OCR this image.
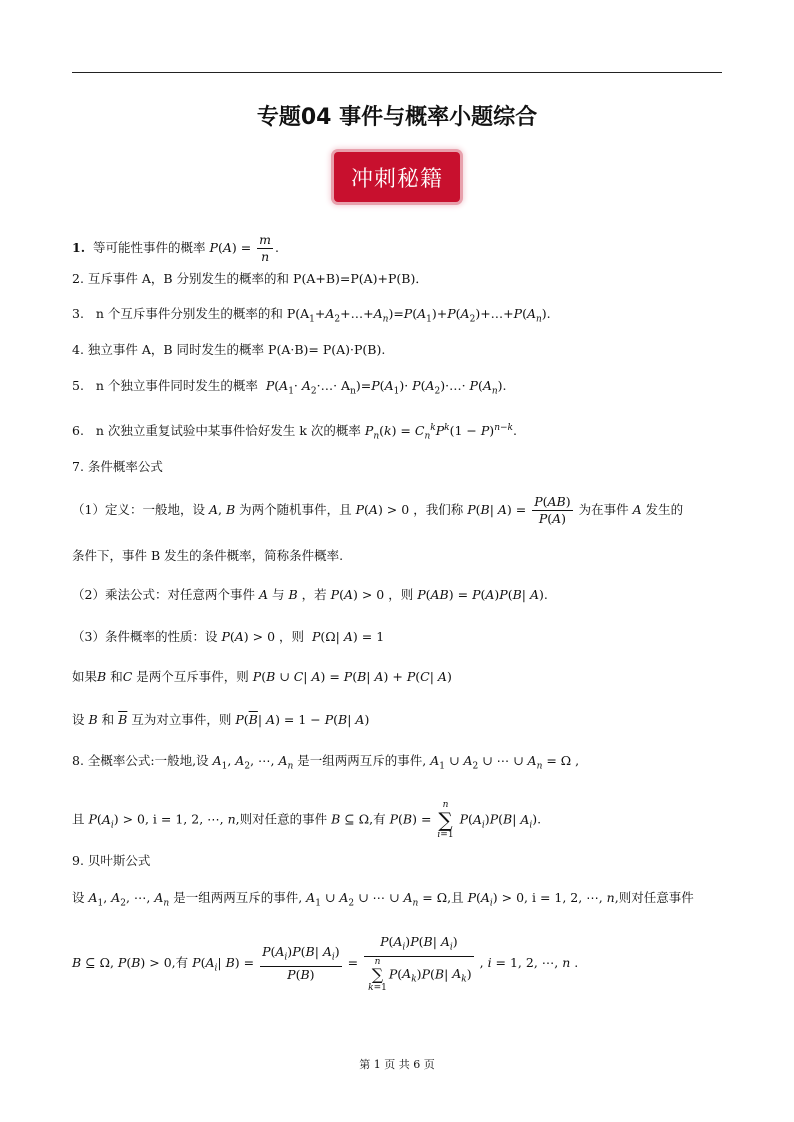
专题04 事件与概率小题综合
冲刺秘籍
1. 等可能性事件的概率 $P(A) = \frac{m}{n}$ .
2. 互斥事件 A，B 分别发生的概率的和 P(A+B)=P(A)+P(B)．
3. n 个互斥事件分别发生的概率的和 $P(A_1+A_2+\dots+A_n)=P(A_1)+P(A_2)+\dots+P(A_n)$.
4. 独立事件 A，B 同时发生的概率 P(A·B)= P(A)·P(B).
5. n 个独立事件同时发生的概率 $P(A_1\cdot$ $A_2\cdot\dots\cdot A_n)=P(A_1)\cdot$ $P(A_2)\cdot\dots\cdot P(A_n)$.
6. n 次独立重复试验中某事件恰好发生 k 次的概率 $P_n(k) = C_n^kP^k(1 - P)^{n-k}$.
7. 条件概率公式
（1）定义：一般地，设 A, B 为两个随机事件，且 P(A) > 0 ，我们称 P(B| $A) = \frac{P(AB)}{P(A)}$ 为在事件 A 发生的
条件下，事件 B 发生的条件概率，简称条件概率.
（2）乘法公式：对任意两个事件 A 与 B ，若 P(A) > 0 ，则 P(AB) = P(A)P(B| A).
（3）条件概率的性质：设 P(A) > 0 ，则 P(Ω| A) = 1
如果B 和C 是两个互斥事件，则 P(B ∪ C| A) = P(B| A) + P(C| A)
设 B 和 $\overline{B}$ 互为对立事件，则 $P(\overline{B}|$ A) = 1 − P(B| A)
8. 全概率公式:一般地,设 $A_1$, $A_2$, ⋯, $A_n$ 是一组两两互斥的事件, $A_1$ ∪ $A_2$ ∪ ⋯ ∪ $A_n = \Omega$ ,
且 $P(A_i) > 0$, i = 1, 2, ⋯, n,则对任意的事件 B ⊆ Ω,有 P(B) =
n
∑
i=1
$P(A_i)P(B|$ $A_i$).
9. 贝叶斯公式
设 $A_1$, $A_2$, ⋯, $A_n$ 是一组两两互斥的事件, $A_1$ ∪ $A_2$ ∪ ⋯ ∪ $A_n = \Omega$,且 $P(A_i) > 0$, i = 1, 2, ⋯, n,则对任意事件
B ⊆ Ω, P(B) > 0,有 $P(A_i|$ $B) = \frac{P(A_i)P(B| A_i)}{P(B)} = P(A_i)P(B|$ $A_i$)
n
∑
k=1
$P(A_k)P(B|$ $A_k$) , i = 1, 2, ⋯, n .
第 1 页 共 6 页
